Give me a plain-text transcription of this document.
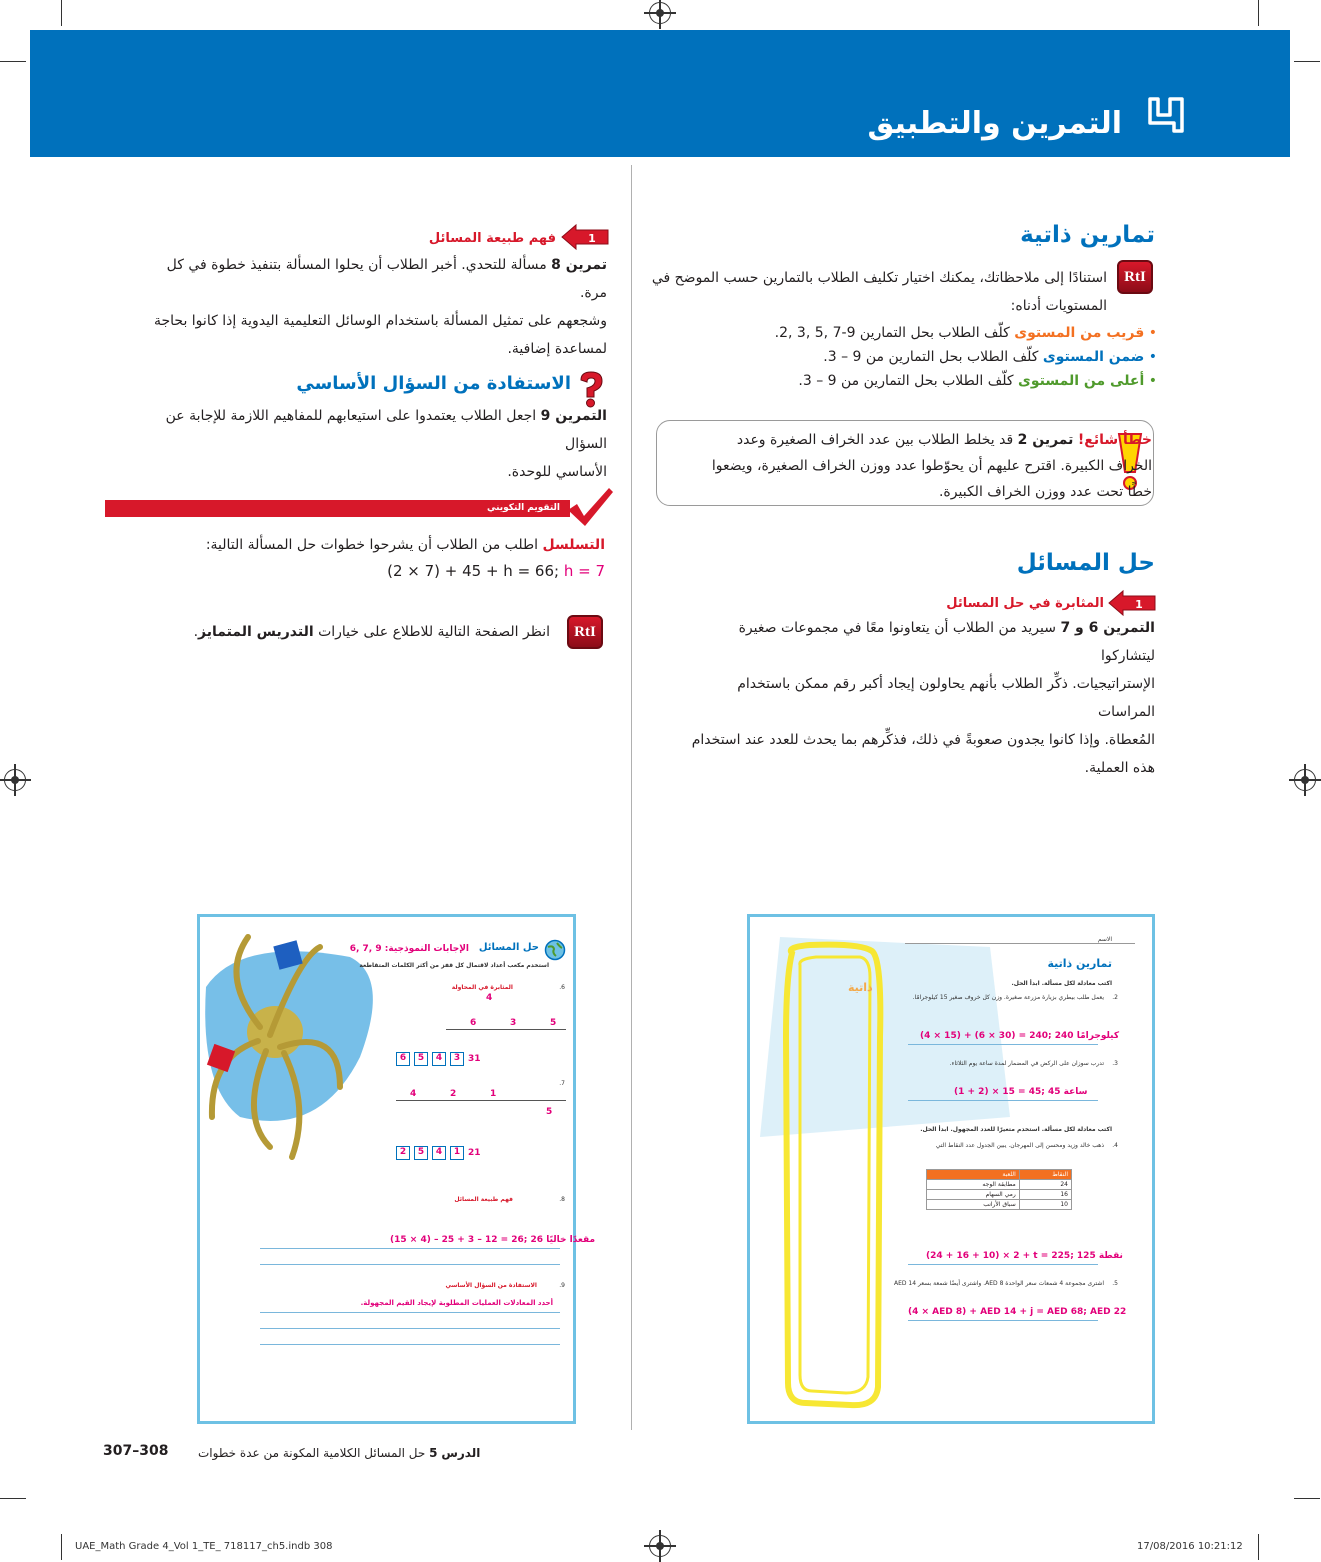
التمرين والتطبيق
تمارين ذاتية
RtI
استنادًا إلى ملاحظاتك، يمكنك اختيار تكليف الطلاب بالتمارين حسب الموضح في
المستويات أدناه:
• قريب من المستوى كلّف الطلاب بحل التمارين 9-7 ,5 ,3 ,2.
• ضمن المستوى كلّف الطلاب بحل التمارين من 9 – 3.
• أعلى من المستوى كلّف الطلاب بحل التمارين من 9 – 3.
خطأ شائع! تمرين 2 قد يخلط الطلاب بين عدد الخراف الصغيرة وعدد
الخراف الكبيرة. اقترح عليهم أن يحوّطوا عدد ووزن الخراف الصغيرة، ويضعوا
خطًا تحت عدد ووزن الخراف الكبيرة.
حل المسائل
1
المثابرة في حل المسائل
التمرين 6 و 7 سيريد من الطلاب أن يتعاونوا معًا في مجموعات صغيرة ليتشاركوا
الإستراتيجيات. ذكِّر الطلاب بأنهم يحاولون إيجاد أكبر رقم ممكن باستخدام المراسات
المُعطاة. وإذا كانوا يجدون صعوبةً في ذلك، فذكِّرهم بما يحدث للعدد عند استخدام
هذه العملية.
1
فهم طبيعة المسائل
تمرين 8 مسألة للتحدي. أخبر الطلاب أن يحلوا المسألة بتنفيذ خطوة في كل مرة.
وشجعهم على تمثيل المسألة باستخدام الوسائل التعليمية اليدوية إذا كانوا بحاجة
لمساعدة إضافية.
الاستفادة من السؤال الأساسي
التمرين 9 اجعل الطلاب يعتمدوا على استيعابهم للمفاهيم اللازمة للإجابة عن السؤال
الأساسي للوحدة.
التقويم التكويني
التسلسل اطلب من الطلاب أن يشرحوا خطوات حل المسألة التالية:
(2 × 7) + 45 + h = 66; h = 7
RtI
انظر الصفحة التالية للاطلاع على خيارات التدريس المتمايز.
الاسم
تمارين ذاتية
ذاتية	اكتب معادلة لكل مسألة. ابدأ الحل.
2.
يعمل طلب بيطري بزيارة مزرعة صغيرة. وزن كل خروف صغير 15 كيلوجرامًا.
(4 × 15) + (6 × 30) = 240; 240 كيلوجرامًا
3.
تدرب سوزان على الركض في المضمار لمدة ساعة يوم الثلاثاء.
(1 + 2) × 15 = 45; 45 ساعة
اكتب معادلة لكل مسألة. استخدم متغيرًا للعدد المجهول. ابدأ الحل.
4.
ذهب خالد وزيد ومحسن إلى المهرجان. يبين الجدول عدد النقاط التي
النقاط	اللعبة
24	مطابقة الوجه
16	رمي السهام
10	سباق الأرانب
(24 + 16 + 10) × 2 + t = 225; 125 نقطة
5.
اشترى مجموعة 4 شمعات سعر الواحدة 8 AED. واشترى أيضًا شمعة بسعر 14 AED
(4 × AED 8) + AED 14 + j = AED 68; AED 22
حل المسائل
الإجابات النموذجية: 9 ,7 ,6
استخدم مكعب أعداد لاقتمال كل قفز من أكثر الكلمات المتقاطعة
6.
المثابرة في المحاولة
4
6	3	5
6	5	4	3 31
7.
4	2	1
5
2	5	4	1 21
8.
فهم طبيعة المسائل
(15 × 4) – 25 + 3 – 12 = 26; 26 مقعدًا خاليًا
9.
الاستفادة من السؤال الأساسي
أحدد المعادلات العمليات المطلوبة لإيجاد القيم المجهولة.
307–308	الدرس 5 حل المسائل الكلامية المكونة من عدة خطوات
UAE_Math Grade 4_Vol 1_TE_ 718117_ch5.indb 308	17/08/2016 10:21:12
